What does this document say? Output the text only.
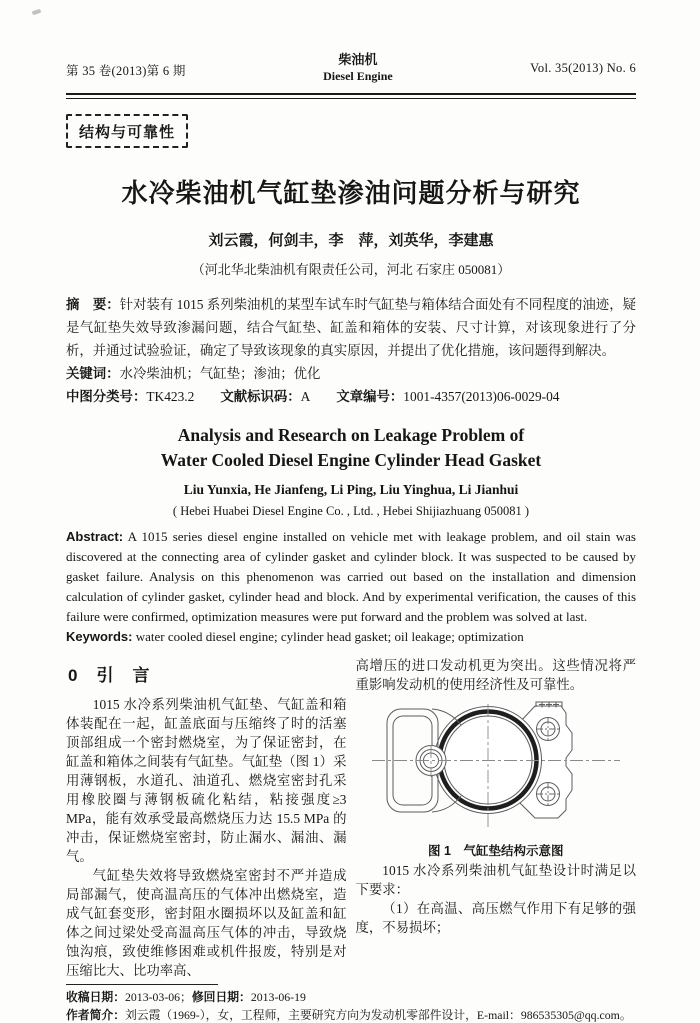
第 35 卷(2013)第 6 期
柴油机
Diesel Engine
Vol. 35(2013) No. 6
结构与可靠性
水冷柴油机气缸垫渗油问题分析与研究
刘云霞，何剑丰，李　萍，刘英华，李建惠
（河北华北柴油机有限责任公司，河北 石家庄 050081）
摘　要：针对装有 1015 系列柴油机的某型车试车时气缸垫与箱体结合面处有不同程度的油迹，疑是气缸垫失效导致渗漏问题，结合气缸垫、缸盖和箱体的安装、尺寸计算，对该现象进行了分析，并通过试验验证，确定了导致该现象的真实原因，并提出了优化措施，该问题得到解决。
关键词：水冷柴油机；气缸垫；渗油；优化
中图分类号：TK423.2 文献标识码：A 文章编号：1001-4357(2013)06-0029-04
Analysis and Research on Leakage Problem of
Water Cooled Diesel Engine Cylinder Head Gasket
Liu Yunxia, He Jianfeng, Li Ping, Liu Yinghua, Li Jianhui
( Hebei Huabei Diesel Engine Co. , Ltd. , Hebei Shijiazhuang 050081 )
Abstract: A 1015 series diesel engine installed on vehicle met with leakage problem, and oil stain was discovered at the connecting area of cylinder gasket and cylinder block. It was suspected to be caused by gasket failure. Analysis on this phenomenon was carried out based on the installation and dimension calculation of cylinder gasket, cylinder head and block. And by experimental verification, the causes of this failure were confirmed, optimization measures were put forward and the problem was solved at last.
Keywords: water cooled diesel engine; cylinder head gasket; oil leakage; optimization
0　引　言

1015 水冷系列柴油机气缸垫、气缸盖和箱体装配在一起，缸盖底面与压缩终了时的活塞顶部组成一个密封燃烧室，为了保证密封，在缸盖和箱体之间装有气缸垫。气缸垫（图 1）采用薄钢板，水道孔、油道孔、燃烧室密封孔采用橡胶圈与薄钢板硫化粘结，粘接强度≥3 MPa，能有效承受最高燃烧压力达 15.5 MPa 的冲击，保证燃烧室密封，防止漏水、漏油、漏气。

气缸垫失效将导致燃烧室密封不严并造成局部漏气，使高温高压的气体冲出燃烧室，造成气缸套变形，密封阻水圈损坏以及缸盖和缸体之间过梁处受高温高压气体的冲击，导致烧蚀沟痕，致使维修困难或机件报废，特别是对压缩比大、比功率高、

高增压的进口发动机更为突出。这些情况将严重影响发动机的使用经济性及可靠性。

图 1　气缸垫结构示意图

1015 水冷系列柴油机气缸垫设计时满足以下要求：

（1）在高温、高压燃气作用下有足够的强度，不易损坏；

收稿日期：2013-03-06；修回日期：2013-06-19

作者简介：刘云霞（1969-），女，工程师，主要研究方向为发动机零部件设计，E-mail：986535305@qq.com。
